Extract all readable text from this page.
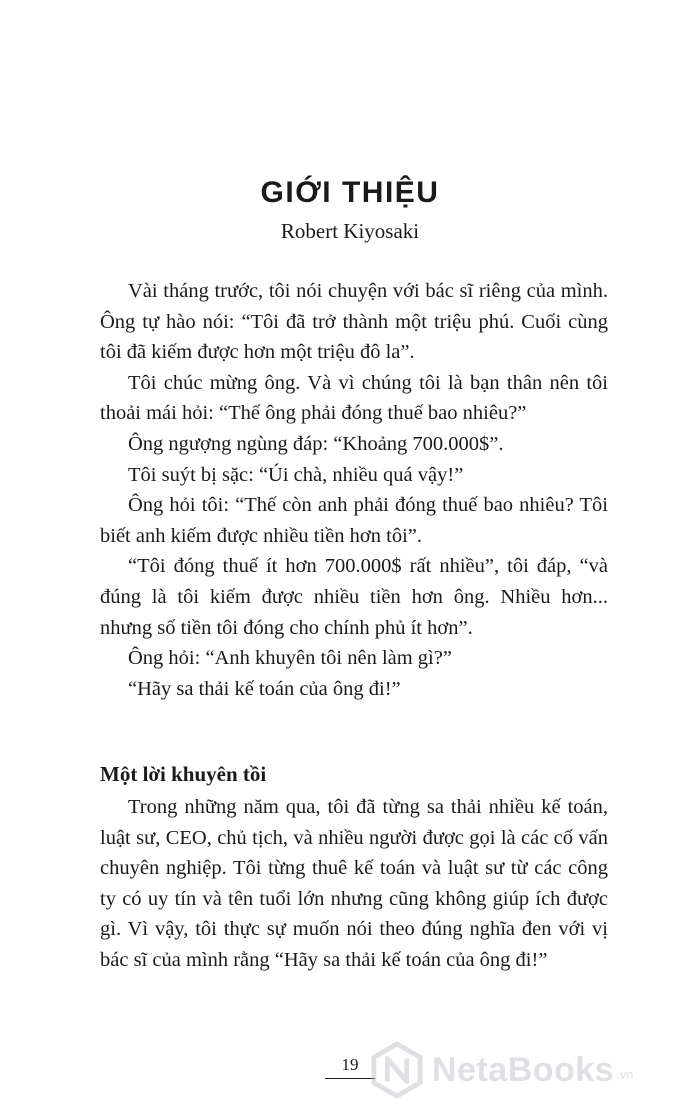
GIỚI THIỆU
Robert Kiyosaki

Vài tháng trước, tôi nói chuyện với bác sĩ riêng của mình. Ông tự hào nói: “Tôi đã trở thành một triệu phú. Cuối cùng tôi đã kiếm được hơn một triệu đô la”.

Tôi chúc mừng ông. Và vì chúng tôi là bạn thân nên tôi thoải mái hỏi: “Thế ông phải đóng thuế bao nhiêu?”

Ông ngượng ngùng đáp: “Khoảng 700.000$”.

Tôi suýt bị sặc: “Úi chà, nhiều quá vậy!”

Ông hỏi tôi: “Thế còn anh phải đóng thuế bao nhiêu? Tôi biết anh kiếm được nhiều tiền hơn tôi”.

“Tôi đóng thuế ít hơn 700.000$ rất nhiều”, tôi đáp, “và đúng là tôi kiếm được nhiều tiền hơn ông. Nhiều hơn... nhưng số tiền tôi đóng cho chính phủ ít hơn”.

Ông hỏi: “Anh khuyên tôi nên làm gì?”

“Hãy sa thải kế toán của ông đi!”

Một lời khuyên tồi

Trong những năm qua, tôi đã từng sa thải nhiều kế toán, luật sư, CEO, chủ tịch, và nhiều người được gọi là các cố vấn chuyên nghiệp. Tôi từng thuê kế toán và luật sư từ các công ty có uy tín và tên tuổi lớn nhưng cũng không giúp ích được gì. Vì vậy, tôi thực sự muốn nói theo đúng nghĩa đen với vị bác sĩ của mình rằng “Hãy sa thải kế toán của ông đi!”

19	NetaBooks .vn
